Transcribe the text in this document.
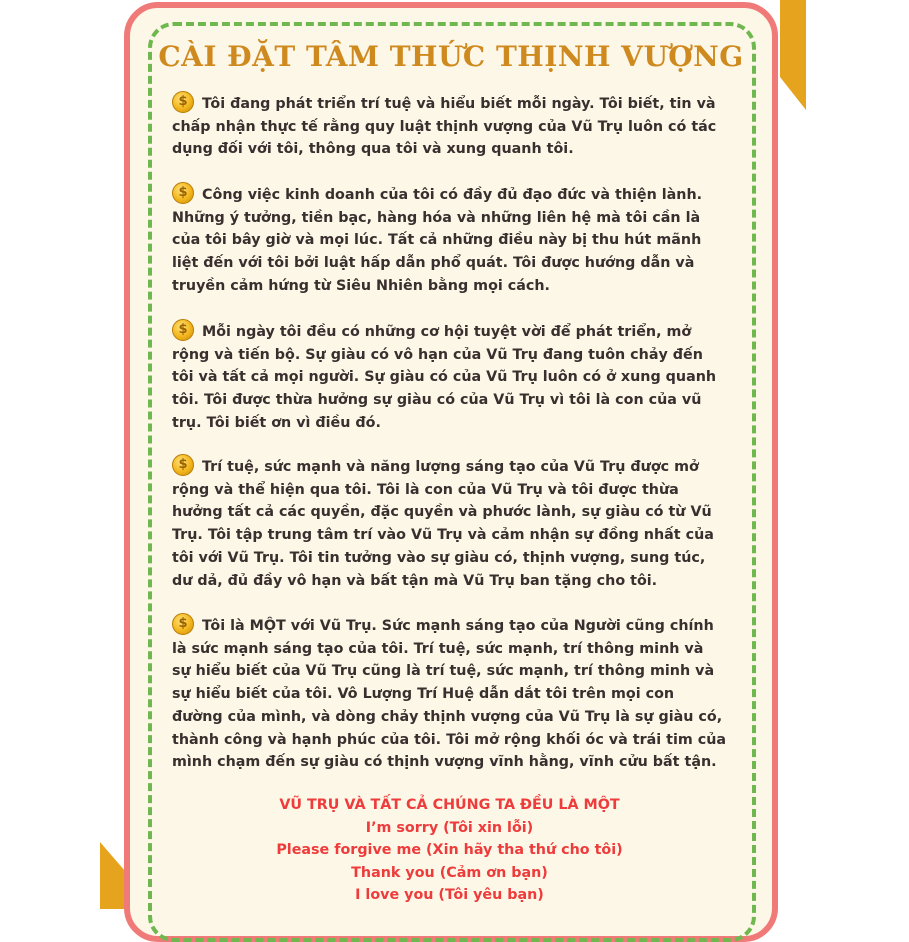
CÀI ĐẶT TÂM THỨC THỊNH VƯỢNG

$Tôi đang phát triển trí tuệ và hiểu biết mỗi ngày. Tôi biết, tin và chấp nhận thực tế rằng quy luật thịnh vượng của Vũ Trụ luôn có tác dụng đối với tôi, thông qua tôi và xung quanh tôi.

$Công việc kinh doanh của tôi có đầy đủ đạo đức và thiện lành. Những ý tưởng, tiền bạc, hàng hóa và những liên hệ mà tôi cần là của tôi bây giờ và mọi lúc. Tất cả những điều này bị thu hút mãnh liệt đến với tôi bởi luật hấp dẫn phổ quát. Tôi được hướng dẫn và truyền cảm hứng từ Siêu Nhiên bằng mọi cách.

$Mỗi ngày tôi đều có những cơ hội tuyệt vời để phát triển, mở rộng và tiến bộ. Sự giàu có vô hạn của Vũ Trụ đang tuôn chảy đến tôi và tất cả mọi người. Sự giàu có của Vũ Trụ luôn có ở xung quanh tôi. Tôi được thừa hưởng sự giàu có của Vũ Trụ vì tôi là con của vũ trụ. Tôi biết ơn vì điều đó.

$Trí tuệ, sức mạnh và năng lượng sáng tạo của Vũ Trụ được mở rộng và thể hiện qua tôi. Tôi là con của Vũ Trụ và tôi được thừa hưởng tất cả các quyền, đặc quyền và phước lành, sự giàu có từ Vũ Trụ. Tôi tập trung tâm trí vào Vũ Trụ và cảm nhận sự đồng nhất của tôi với Vũ Trụ. Tôi tin tưởng vào sự giàu có, thịnh vượng, sung túc, dư dả, đủ đầy vô hạn và bất tận mà Vũ Trụ ban tặng cho tôi.

$Tôi là MỘT với Vũ Trụ. Sức mạnh sáng tạo của Người cũng chính là sức mạnh sáng tạo của tôi. Trí tuệ, sức mạnh, trí thông minh và sự hiểu biết của Vũ Trụ cũng là trí tuệ, sức mạnh, trí thông minh và sự hiểu biết của tôi. Vô Lượng Trí Huệ dẫn dắt tôi trên mọi con đường của mình, và dòng chảy thịnh vượng của Vũ Trụ là sự giàu có, thành công và hạnh phúc của tôi. Tôi mở rộng khối óc và trái tim của mình chạm đến sự giàu có thịnh vượng vĩnh hằng, vĩnh cửu bất tận.

VŨ TRỤ VÀ TẤT CẢ CHÚNG TA ĐỀU LÀ MỘT
I’m sorry (Tôi xin lỗi)
Please forgive me (Xin hãy tha thứ cho tôi)
Thank you (Cảm ơn bạn)
I love you (Tôi yêu bạn)
